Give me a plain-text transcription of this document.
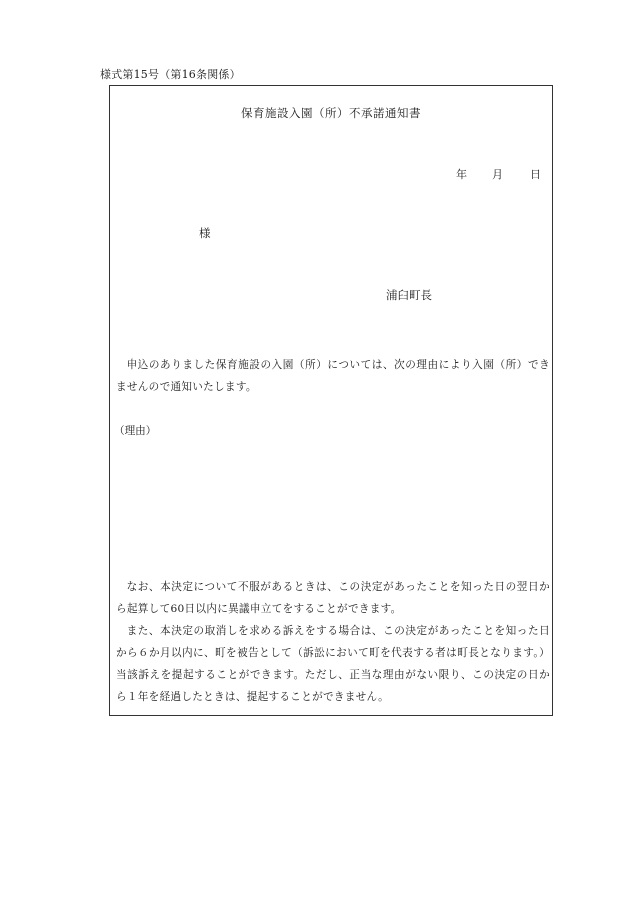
様式第15号（第16条関係）
保育施設入園（所）不承諾通知書
年	月	日
様
浦臼町長

申込のありました保育施設の入園（所）については、次の理由により入園（所）できませんので通知いたします。

（理由）

なお、本決定について不服があるときは、この決定があったことを知った日の翌日から起算して60日以内に異議申立てをすることができます。

また、本決定の取消しを求める訴えをする場合は、この決定があったことを知った日から６か月以内に、町を被告として（訴訟において町を代表する者は町長となります。）当該訴えを提起することができます。ただし、正当な理由がない限り、この決定の日から１年を経過したときは、提起することができません。
